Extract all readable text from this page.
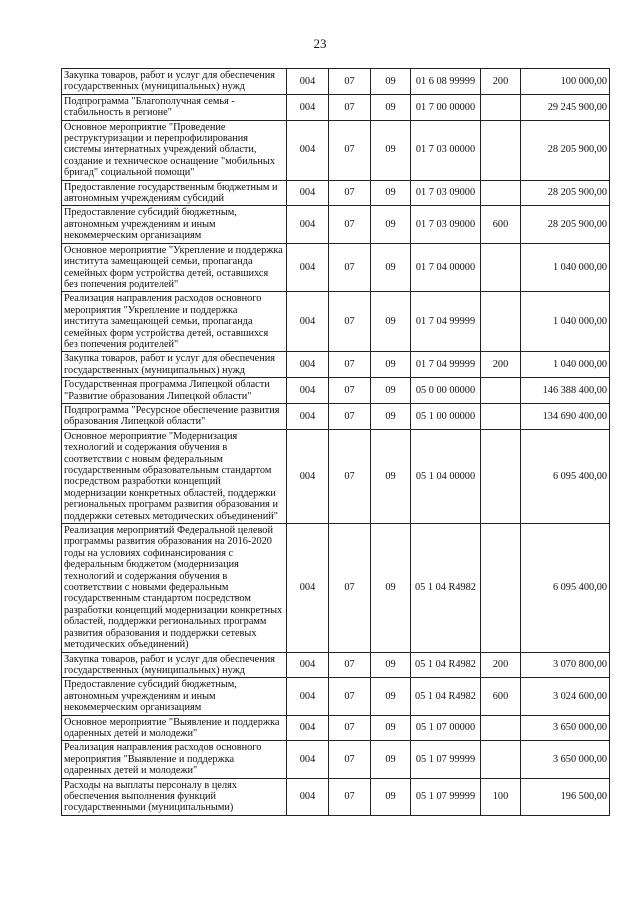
23
Закупка товаров, работ и услуг для обеспечения государственных (муниципальных) нужд	004	07	09	01 6 08 99999	200	100 000,00
Подпрограмма "Благополучная семья - стабильность в регионе"	004	07	09	01 7 00 00000		29 245 900,00
Основное мероприятие "Проведение реструктуризации и перепрофилирования системы интернатных учреждений области, создание и техническое оснащение "мобильных бригад" социальной помощи"	004	07	09	01 7 03 00000		28 205 900,00
Предоставление государственным бюджетным и автономным учреждениям субсидий	004	07	09	01 7 03 09000		28 205 900,00
Предоставление субсидий бюджетным, автономным учреждениям и иным некоммерческим организациям	004	07	09	01 7 03 09000	600	28 205 900,00
Основное мероприятие "Укрепление и поддержка института замещающей семьи, пропаганда семейных форм устройства детей, оставшихся без попечения родителей"	004	07	09	01 7 04 00000		1 040 000,00
Реализация направления расходов основного мероприятия "Укрепление и поддержка института замещающей семьи, пропаганда семейных форм устройства детей, оставшихся без попечения родителей"	004	07	09	01 7 04 99999		1 040 000,00
Закупка товаров, работ и услуг для обеспечения государственных (муниципальных) нужд	004	07	09	01 7 04 99999	200	1 040 000,00
Государственная программа Липецкой области "Развитие образования Липецкой области"	004	07	09	05 0 00 00000		146 388 400,00
Подпрограмма "Ресурсное обеспечение развития образования Липецкой области"	004	07	09	05 1 00 00000		134 690 400,00
Основное мероприятие "Модернизация технологий и содержания обучения в соответствии с новым федеральным государственным образовательным стандартом посредством разработки концепций модернизации конкретных областей, поддержки региональных программ развития образования и поддержки сетевых методических объединений"	004	07	09	05 1 04 00000		6 095 400,00
Реализация мероприятий Федеральной целевой программы развития образования на 2016-2020 годы на условиях софинансирования с федеральным бюджетом (модернизация технологий и содержания обучения в соответствии с новыми федеральным государственным стандартом посредством разработки концепций модернизации конкретных областей, поддержки региональных программ развития образования и поддержки сетевых методических объединений)	004	07	09	05 1 04 R4982		6 095 400,00
Закупка товаров, работ и услуг для обеспечения государственных (муниципальных) нужд	004	07	09	05 1 04 R4982	200	3 070 800,00
Предоставление субсидий бюджетным, автономным учреждениям и иным некоммерческим организациям	004	07	09	05 1 04 R4982	600	3 024 600,00
Основное мероприятие "Выявление и поддержка одаренных детей и молодежи"	004	07	09	05 1 07 00000		3 650 000,00
Реализация направления расходов основного мероприятия "Выявление и поддержка одаренных детей и молодежи"	004	07	09	05 1 07 99999		3 650 000,00
Расходы на выплаты персоналу в целях обеспечения выполнения функций государственными (муниципальными)	004	07	09	05 1 07 99999	100	196 500,00
